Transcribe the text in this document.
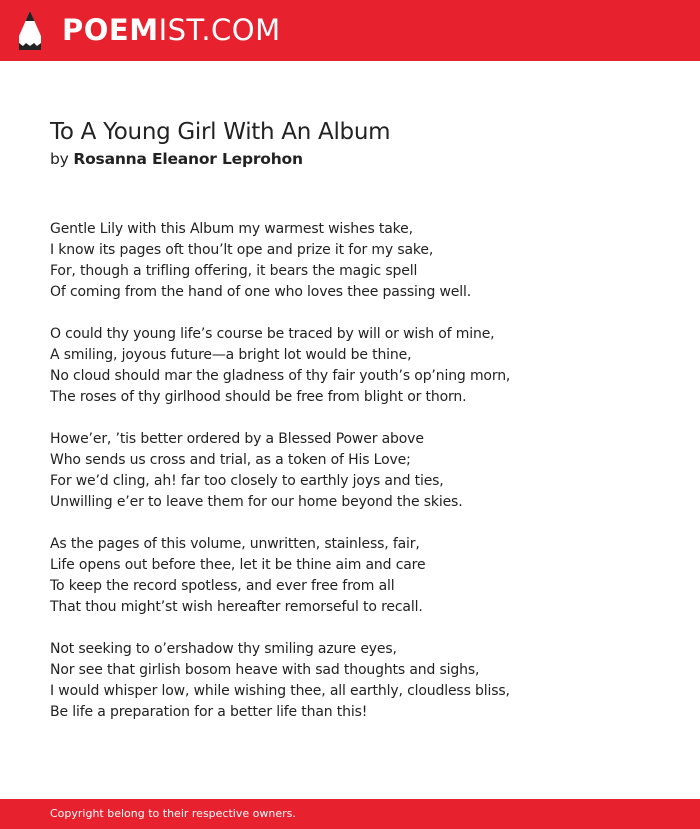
POEMIST.COM
To A Young Girl With An Album
by Rosanna Eleanor Leprohon
Gentle Lily with this Album my warmest wishes take,
I know its pages oft thou’lt ope and prize it for my sake,
For, though a trifling offering, it bears the magic spell
Of coming from the hand of one who loves thee passing well.
O could thy young life’s course be traced by will or wish of mine,
A smiling, joyous future—a bright lot would be thine,
No cloud should mar the gladness of thy fair youth’s op’ning morn,
The roses of thy girlhood should be free from blight or thorn.
Howe’er, ’tis better ordered by a Blessed Power above
Who sends us cross and trial, as a token of His Love;
For we’d cling, ah! far too closely to earthly joys and ties,
Unwilling e’er to leave them for our home beyond the skies.
As the pages of this volume, unwritten, stainless, fair,
Life opens out before thee, let it be thine aim and care
To keep the record spotless, and ever free from all
That thou might’st wish hereafter remorseful to recall.
Not seeking to o’ershadow thy smiling azure eyes,
Nor see that girlish bosom heave with sad thoughts and sighs,
I would whisper low, while wishing thee, all earthly, cloudless bliss,
Be life a preparation for a better life than this!
Copyright belong to their respective owners.
